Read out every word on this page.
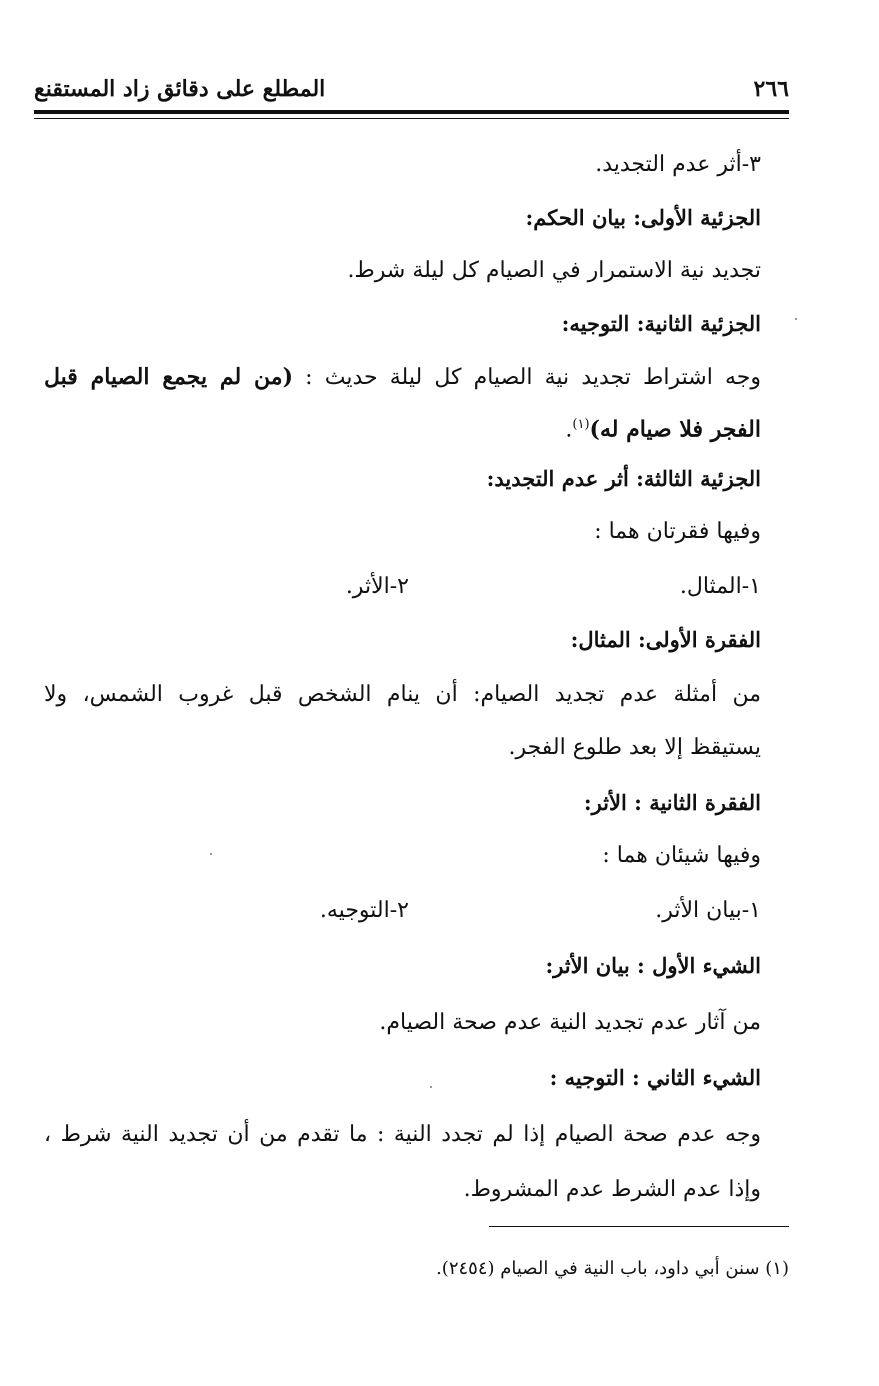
٢٦٦
المطلع على دقائق زاد المستقنع
٣-أثر عدم التجديد.
الجزئية الأولى: بيان الحكم:
تجديد نية الاستمرار في الصيام كل ليلة شرط.
الجزئية الثانية: التوجيه:
وجه اشتراط تجديد نية الصيام كل ليلة حديث : (من لم يجمع الصيام قبل
الفجر فلا صيام له)$^{(١)}$.
الجزئية الثالثة: أثر عدم التجديد:
وفيها فقرتان هما :
١-المثال.
٢-الأثر.
الفقرة الأولى: المثال:
من أمثلة عدم تجديد الصيام: أن ينام الشخص قبل غروب الشمس، ولا
يستيقظ إلا بعد طلوع الفجر.
الفقرة الثانية : الأثر:
وفيها شيئان هما :
١-بيان الأثر.
٢-التوجيه.
الشيء الأول : بيان الأثر:
من آثار عدم تجديد النية عدم صحة الصيام.
الشيء الثاني : التوجيه :
وجه عدم صحة الصيام إذا لم تجدد النية : ما تقدم من أن تجديد النية شرط ،
وإذا عدم الشرط عدم المشروط.
(١) سنن أبي داود، باب النية في الصيام (٢٤٥٤).
